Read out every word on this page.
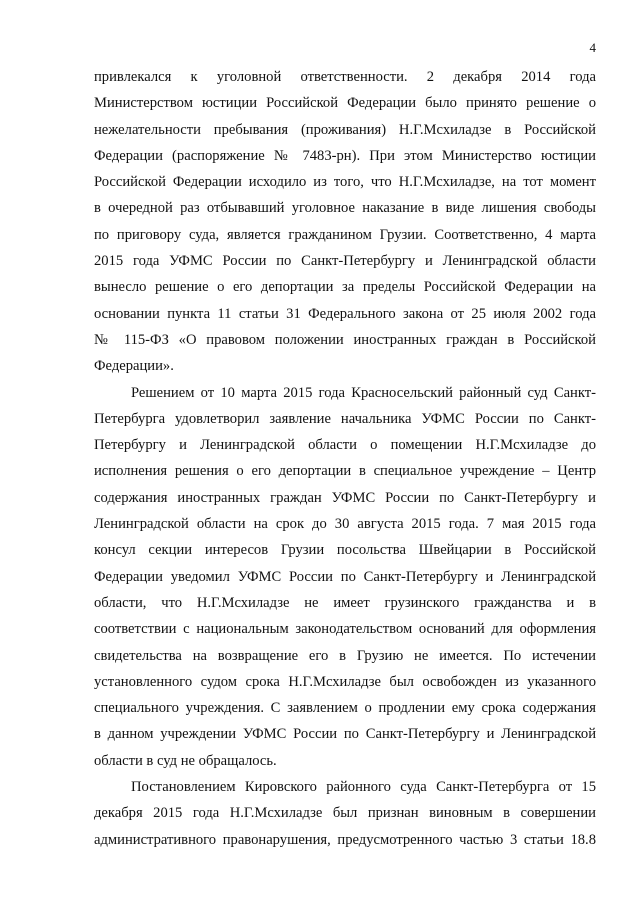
4
привлекался к уголовной ответственности. 2 декабря 2014 года
Министерством юстиции Российской Федерации было принято решение о
нежелательности пребывания (проживания) Н.Г.Мсхиладзе в Российской
Федерации (распоряжение № 7483-рн). При этом Министерство юстиции
Российской Федерации исходило из того, что Н.Г.Мсхиладзе, на тот момент
в очередной раз отбывавший уголовное наказание в виде лишения свободы
по приговору суда, является гражданином Грузии. Соответственно, 4 марта
2015 года УФМС России по Санкт-Петербургу и Ленинградской области
вынесло решение о его депортации за пределы Российской Федерации на
основании пункта 11 статьи 31 Федерального закона от 25 июля 2002 года
№ 115-ФЗ «О правовом положении иностранных граждан в Российской
Федерации».
Решением от 10 марта 2015 года Красносельский районный суд Санкт-
Петербурга удовлетворил заявление начальника УФМС России по Санкт-
Петербургу и Ленинградской области о помещении Н.Г.Мсхиладзе до
исполнения решения о его депортации в специальное учреждение – Центр
содержания иностранных граждан УФМС России по Санкт-Петербургу и
Ленинградской области на срок до 30 августа 2015 года. 7 мая 2015 года
консул секции интересов Грузии посольства Швейцарии в Российской
Федерации уведомил УФМС России по Санкт-Петербургу и Ленинградской
области, что Н.Г.Мсхиладзе не имеет грузинского гражданства и в
соответствии с национальным законодательством оснований для оформления
свидетельства на возвращение его в Грузию не имеется. По истечении
установленного судом срока Н.Г.Мсхиладзе был освобожден из указанного
специального учреждения. С заявлением о продлении ему срока содержания
в данном учреждении УФМС России по Санкт-Петербургу и Ленинградской
области в суд не обращалось.
Постановлением Кировского районного суда Санкт-Петербурга от 15
декабря 2015 года Н.Г.Мсхиладзе был признан виновным в совершении
административного правонарушения, предусмотренного частью 3 статьи 18.8
